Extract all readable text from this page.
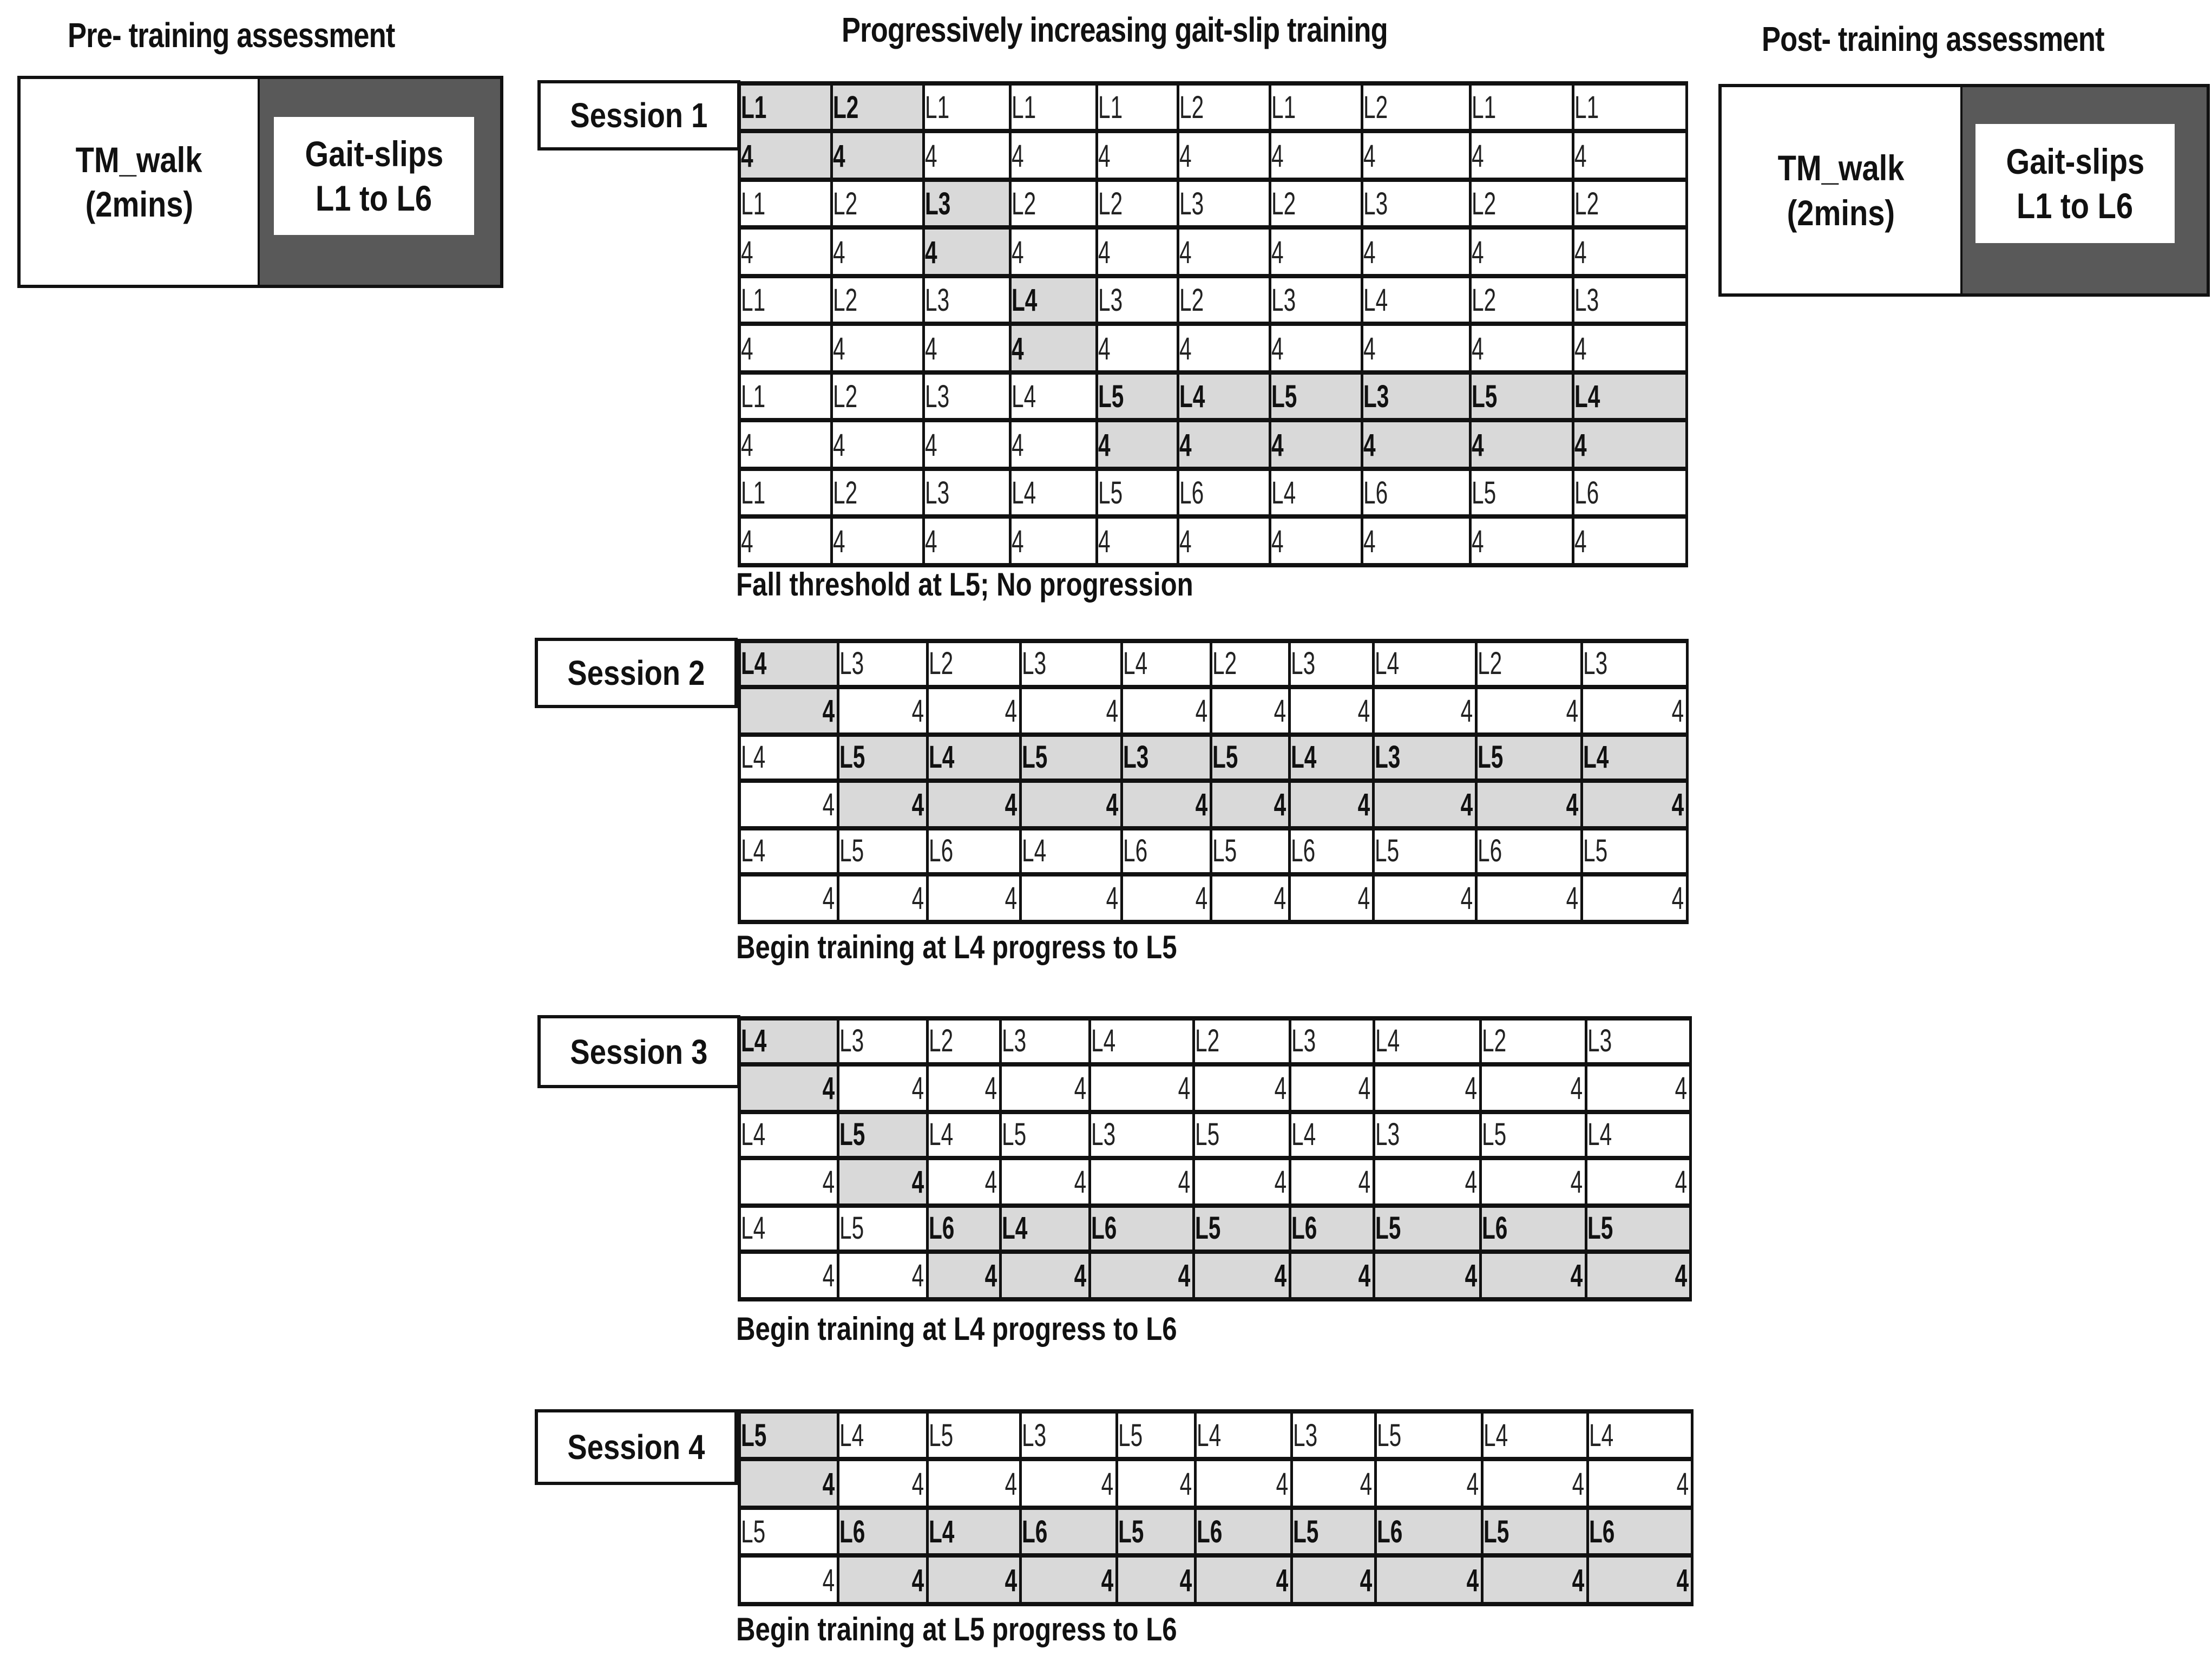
Pre- training assessment	Progressively increasing gait-slip training	Post- training assessment
TM_walk
(2mins)
Gait-slips
L1 to L6
TM_walk
(2mins)
Gait-slips
L1 to L6
Session 1
Session 2
Session 3
Session 4
L1 L2 L1 L1 L1 L2 L1 L2	L1 L1
4	4	4 4 4 4	4	4	4	4
L1 L2 L3 L2 L2 L3 L2 L3	L2 L2
4	4	4 4 4 4	4	4	4	4
L1 L2 L3 L4 L3 L2 L3 L4	L2 L3
4	4	4 4 4 4	4	4	4	4
L1 L2 L3 L4 L5 L4 L5 L3	L5 L4
4	4	4 4 4 4	4	4	4	4
L1 L2 L3 L4 L5 L6 L4 L6	L5 L6
4	4	4 4 4 4	4	4	4	4
L4 L3 L2 L3 L4 L2 L3 L4 L2	L3
4 4	4	4 4 4 4	4	4	4
L4 L5 L4 L5 L3 L5 L4 L3 L5	L4
4 4	4	4 4 4 4	4	4	4
L4 L5 L6 L4 L6 L5 L6 L5 L6	L5
4 4	4	4 4 4 4	4	4	4
L4 L3 L2 L3 L4	L2 L3 L4	L2	L3
4 4 4 4	4	4 4	4	4	4
L4 L5 L4 L5 L3	L5 L4 L3	L5	L4
4 4 4 4	4	4 4	4	4	4
L4 L5 L6 L4 L6 L5 L6 L5	L6	L5
4 4 4 4	4	4 4	4	4	4
L5 L4 L5 L3 L5 L4 L3 L5	L4	L4
4 4	4	4 4	4 4	4	4	4
L5 L6 L4 L6 L5 L6 L5 L6	L5	L6
4 4	4	4 4	4 4	4	4	4
Fall threshold at L5; No progression
Begin training at L4 progress to L5
Begin training at L4 progress to L6
Begin training at L5 progress to L6
